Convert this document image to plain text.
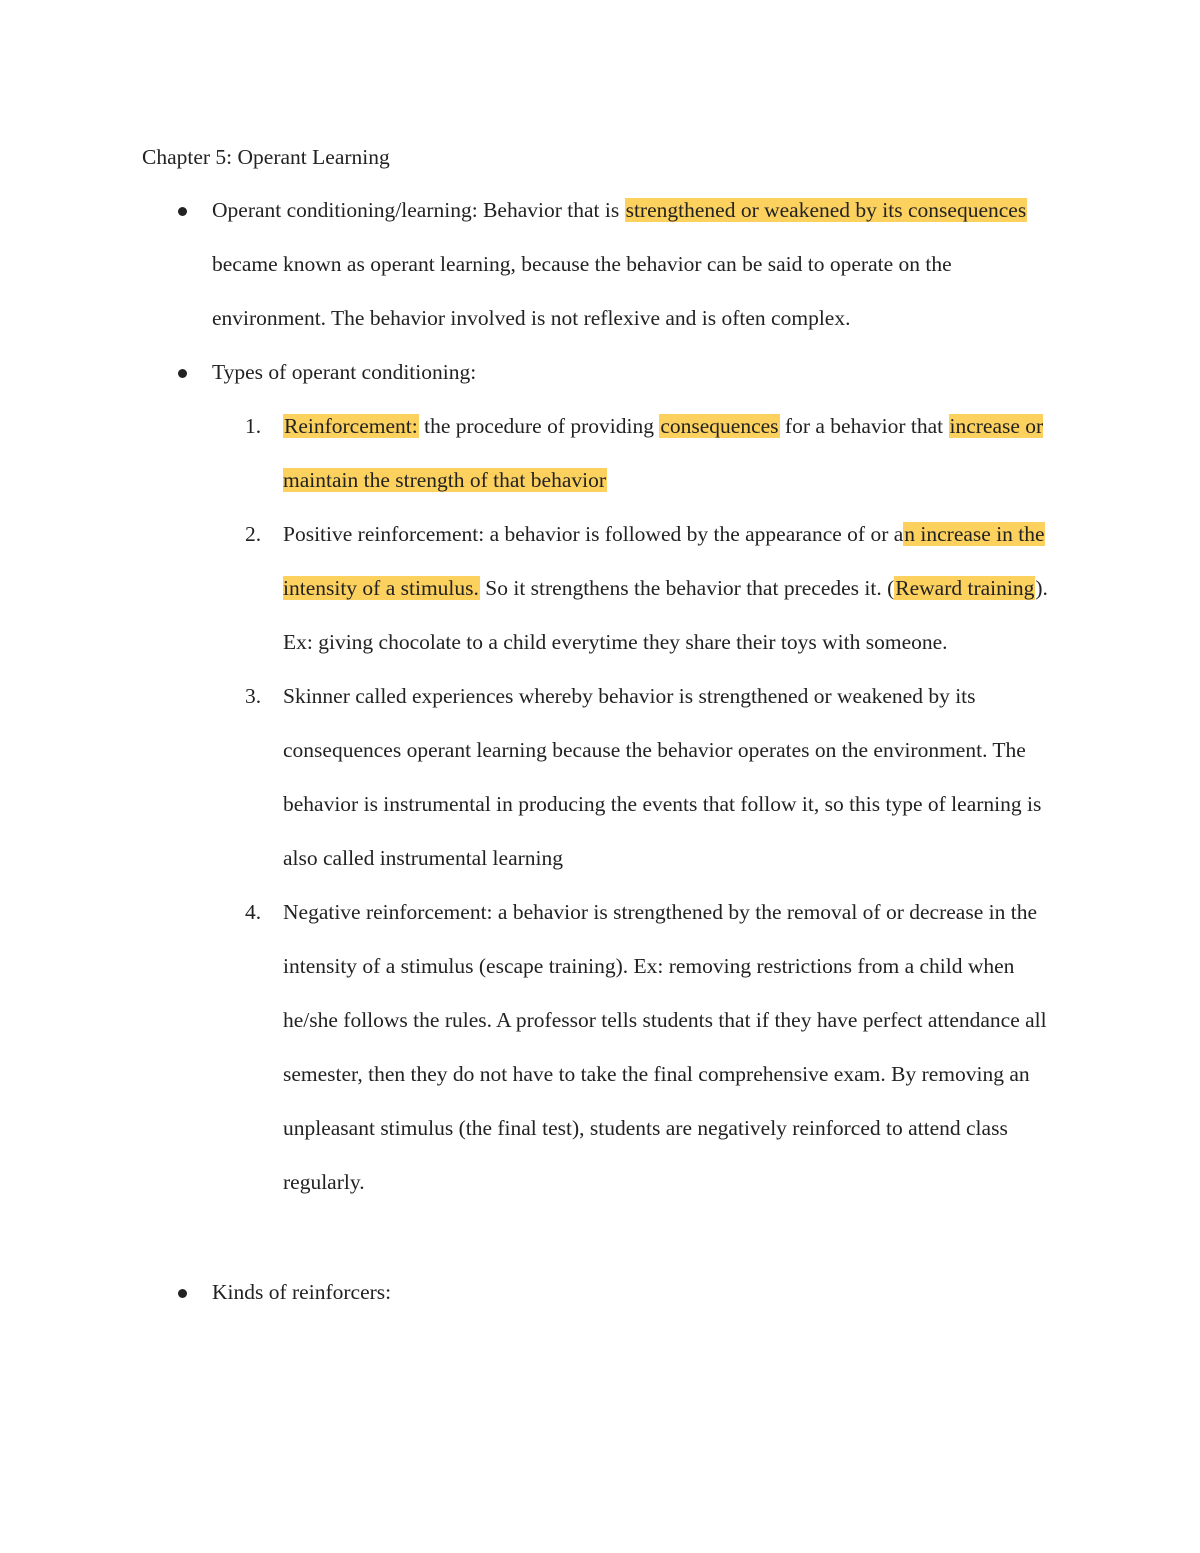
Chapter 5: Operant Learning
Operant conditioning/learning: Behavior that is strengthened or weakened by its consequences became known as operant learning, because the behavior can be said to operate on the environment. The behavior involved is not reflexive and is often complex.
Types of operant conditioning:
1. Reinforcement: the procedure of providing consequences for a behavior that increase or maintain the strength of that behavior
2. Positive reinforcement: a behavior is followed by the appearance of or an increase in the intensity of a stimulus. So it strengthens the behavior that precedes it. (Reward training). Ex: giving chocolate to a child everytime they share their toys with someone.
3. Skinner called experiences whereby behavior is strengthened or weakened by its consequences operant learning because the behavior operates on the environment. The behavior is instrumental in producing the events that follow it, so this type of learning is also called instrumental learning
4. Negative reinforcement: a behavior is strengthened by the removal of or decrease in the intensity of a stimulus (escape training). Ex: removing restrictions from a child when he/she follows the rules. A professor tells students that if they have perfect attendance all semester, then they do not have to take the final comprehensive exam. By removing an unpleasant stimulus (the final test), students are negatively reinforced to attend class regularly.
Kinds of reinforcers:
